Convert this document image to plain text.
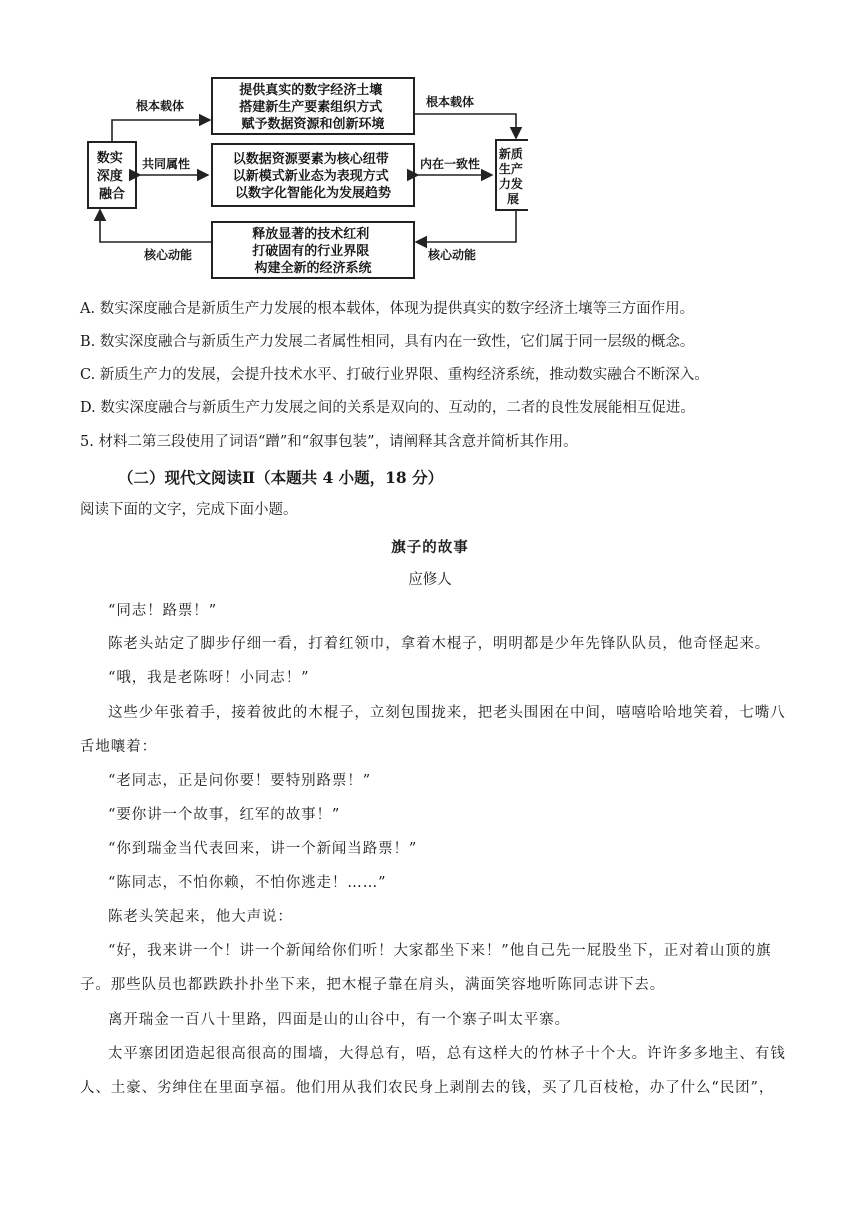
数实 深度 融合
新质 生产 力发 展
提供真实的数字经济土壤 搭建新生产要素组织方式 赋予数据资源和创新环境
以数据资源要素为核心纽带 以新模式新业态为表现方式 以数字化智能化为发展趋势
释放显著的技术红利 打破固有的行业界限 构建全新的经济系统
根本载体	根本载体
共同属性	内在一致性
核心动能	核心动能
A. 数实深度融合是新质生产力发展的根本载体，体现为提供真实的数字经济土壤等三方面作用。
B. 数实深度融合与新质生产力发展二者属性相同，具有内在一致性，它们属于同一层级的概念。
C. 新质生产力的发展，会提升技术水平、打破行业界限、重构经济系统，推动数实融合不断深入。
D. 数实深度融合与新质生产力发展之间的关系是双向的、互动的，二者的良性发展能相互促进。
5. 材料二第三段使用了词语“蹭”和“叙事包装”，请阐释其含意并简析其作用。
（二）现代文阅读Ⅱ（本题共 4 小题，18 分）
阅读下面的文字，完成下面小题。
旗子的故事
应修人
“同志！路票！”
陈老头站定了脚步仔细一看，打着红领巾，拿着木棍子，明明都是少年先锋队队员，他奇怪起来。
“哦，我是老陈呀！小同志！”
这些少年张着手，接着彼此的木棍子，立刻包围拢来，把老头围困在中间，嘻嘻哈哈地笑着，七嘴八
舌地嚷着：
“老同志，正是问你要！要特别路票！”
“要你讲一个故事，红军的故事！”
“你到瑞金当代表回来，讲一个新闻当路票！”
“陈同志，不怕你赖，不怕你逃走！……”
陈老头笑起来，他大声说：
“好，我来讲一个！讲一个新闻给你们听！大家都坐下来！”他自己先一屁股坐下，正对着山顶的旗
子。那些队员也都跌跌扑扑坐下来，把木棍子靠在肩头，满面笑容地听陈同志讲下去。
离开瑞金一百八十里路，四面是山的山谷中，有一个寨子叫太平寨。
太平寨团团造起很高很高的围墙，大得总有，唔，总有这样大的竹林子十个大。许许多多地主、有钱
人、土豪、劣绅住在里面享福。他们用从我们农民身上剥削去的钱，买了几百枝枪，办了什么“民团”，
